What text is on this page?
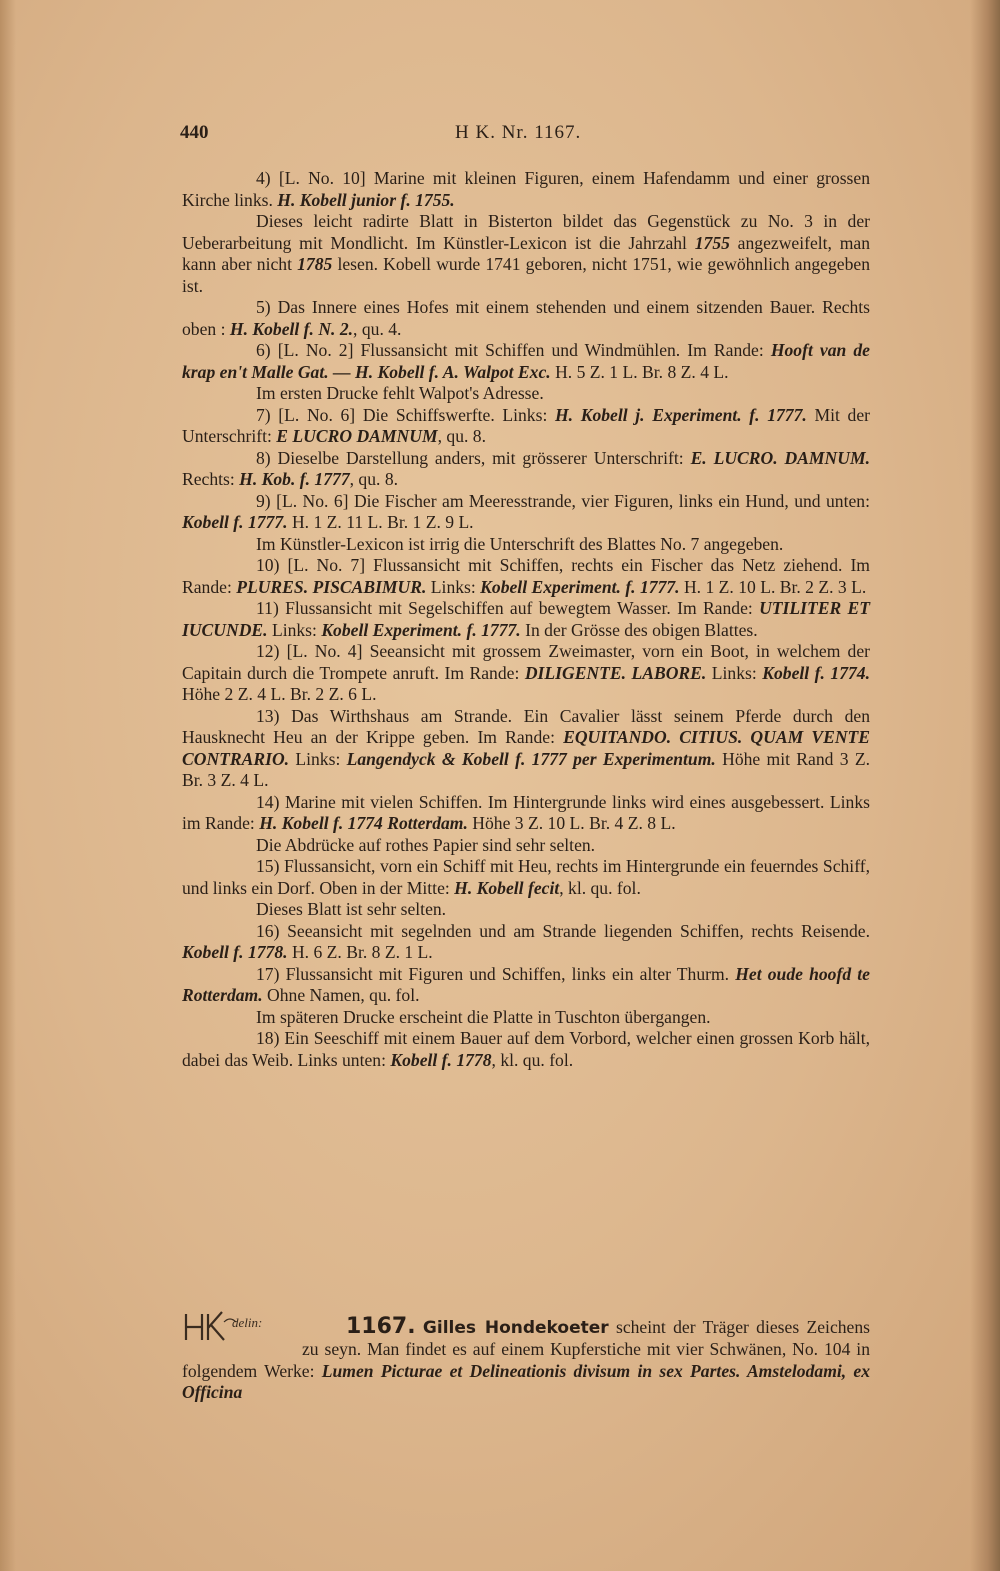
440	H K. Nr. 1167.

4) [L. No. 10] Marine mit kleinen Figuren, einem Hafendamm und einer grossen Kirche links. H. Kobell junior f. 1755.

Dieses leicht radirte Blatt in Bisterton bildet das Gegenstück zu No. 3 in der Ueberarbeitung mit Mondlicht. Im Künstler-Lexicon ist die Jahrzahl 1755 angezweifelt, man kann aber nicht 1785 lesen. Kobell wurde 1741 geboren, nicht 1751, wie gewöhnlich angegeben ist.

5) Das Innere eines Hofes mit einem stehenden und einem sitzenden Bauer. Rechts oben : H. Kobell f. N. 2., qu. 4.

6) [L. No. 2] Flussansicht mit Schiffen und Windmühlen. Im Rande: Hooft van de krap en't Malle Gat. — H. Kobell f. A. Walpot Exc. H. 5 Z. 1 L. Br. 8 Z. 4 L.

Im ersten Drucke fehlt Walpot's Adresse.

7) [L. No. 6] Die Schiffswerfte. Links: H. Kobell j. Experiment. f. 1777. Mit der Unterschrift: E LUCRO DAMNUM, qu. 8.

8) Dieselbe Darstellung anders, mit grösserer Unterschrift: E. LUCRO. DAMNUM. Rechts: H. Kob. f. 1777, qu. 8.

9) [L. No. 6] Die Fischer am Meeresstrande, vier Figuren, links ein Hund, und unten: Kobell f. 1777. H. 1 Z. 11 L. Br. 1 Z. 9 L.

Im Künstler-Lexicon ist irrig die Unterschrift des Blattes No. 7 angegeben.

10) [L. No. 7] Flussansicht mit Schiffen, rechts ein Fischer das Netz ziehend. Im Rande: PLURES. PISCABIMUR. Links: Kobell Experiment. f. 1777. H. 1 Z. 10 L. Br. 2 Z. 3 L.

11) Flussansicht mit Segelschiffen auf bewegtem Wasser. Im Rande: UTILITER ET IUCUNDE. Links: Kobell Experiment. f. 1777. In der Grösse des obigen Blattes.

12) [L. No. 4] Seeansicht mit grossem Zweimaster, vorn ein Boot, in welchem der Capitain durch die Trompete anruft. Im Rande: DILIGENTE. LABORE. Links: Kobell f. 1774. Höhe 2 Z. 4 L. Br. 2 Z. 6 L.

13) Das Wirthshaus am Strande. Ein Cavalier lässt seinem Pferde durch den Hausknecht Heu an der Krippe geben. Im Rande: EQUITANDO. CITIUS. QUAM VENTE CONTRARIO. Links: Langendyck & Kobell f. 1777 per Experimentum. Höhe mit Rand 3 Z. Br. 3 Z. 4 L.

14) Marine mit vielen Schiffen. Im Hintergrunde links wird eines ausgebessert. Links im Rande: H. Kobell f. 1774 Rotterdam. Höhe 3 Z. 10 L. Br. 4 Z. 8 L.

Die Abdrücke auf rothes Papier sind sehr selten.

15) Flussansicht, vorn ein Schiff mit Heu, rechts im Hintergrunde ein feuerndes Schiff, und links ein Dorf. Oben in der Mitte: H. Kobell fecit, kl. qu. fol.

Dieses Blatt ist sehr selten.

16) Seeansicht mit segelnden und am Strande liegenden Schiffen, rechts Reisende. Kobell f. 1778. H. 6 Z. Br. 8 Z. 1 L.

17) Flussansicht mit Figuren und Schiffen, links ein alter Thurm. Het oude hoofd te Rotterdam. Ohne Namen, qu. fol.

Im späteren Drucke erscheint die Platte in Tuschton übergangen.

18) Ein Seeschiff mit einem Bauer auf dem Vorbord, welcher einen grossen Korb hält, dabei das Weib. Links unten: Kobell f. 1778, kl. qu. fol.

delin:	1167. Gilles Hondekoeter scheint der Träger dieses Zeichens zu seyn. Man findet es auf einem Kupferstiche mit vier Schwänen, No. 104 in folgendem Werke: Lumen Picturae et Delineationis divisum in sex Partes. Amstelodami, ex Officina
